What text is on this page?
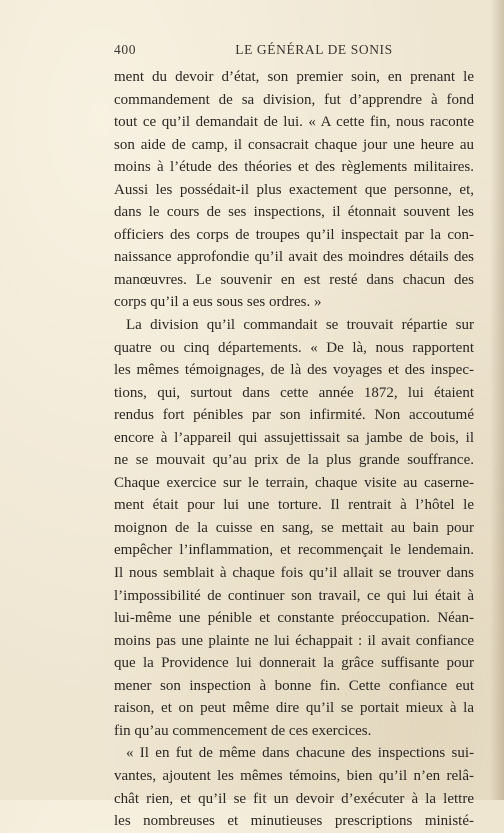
400	LE GÉNÉRAL DE SONIS
ment du devoir d’état, son premier soin, en prenant le
commandement de sa division, fut d’apprendre à fond
tout ce qu’il demandait de lui. « A cette fin, nous raconte
son aide de camp, il consacrait chaque jour une heure au
moins à l’étude des théories et des règlements militaires.
Aussi les possédait-il plus exactement que personne, et,
dans le cours de ses inspections, il étonnait souvent les
officiers des corps de troupes qu’il inspectait par la con-
naissance approfondie qu’il avait des moindres détails des
manœuvres. Le souvenir en est resté dans chacun des
corps qu’il a eus sous ses ordres. »
La division qu’il commandait se trouvait répartie sur
quatre ou cinq départements. « De là, nous rapportent
les mêmes témoignages, de là des voyages et des inspec-
tions, qui, surtout dans cette année 1872, lui étaient
rendus fort pénibles par son infirmité. Non accoutumé
encore à l’appareil qui assujettissait sa jambe de bois, il
ne se mouvait qu’au prix de la plus grande souffrance.
Chaque exercice sur le terrain, chaque visite au caserne-
ment était pour lui une torture. Il rentrait à l’hôtel le
moignon de la cuisse en sang, se mettait au bain pour
empêcher l’inflammation, et recommençait le lendemain.
Il nous semblait à chaque fois qu’il allait se trouver dans
l’impossibilité de continuer son travail, ce qui lui était à
lui-même une pénible et constante préoccupation. Néan-
moins pas une plainte ne lui échappait : il avait confiance
que la Providence lui donnerait la grâce suffisante pour
mener son inspection à bonne fin. Cette confiance eut
raison, et on peut même dire qu’il se portait mieux à la
fin qu’au commencement de ces exercices.
« Il en fut de même dans chacune des inspections sui-
vantes, ajoutent les mêmes témoins, bien qu’il n’en relâ-
chât rien, et qu’il se fit un devoir d’exécuter à la lettre
les nombreuses et minutieuses prescriptions ministé-
